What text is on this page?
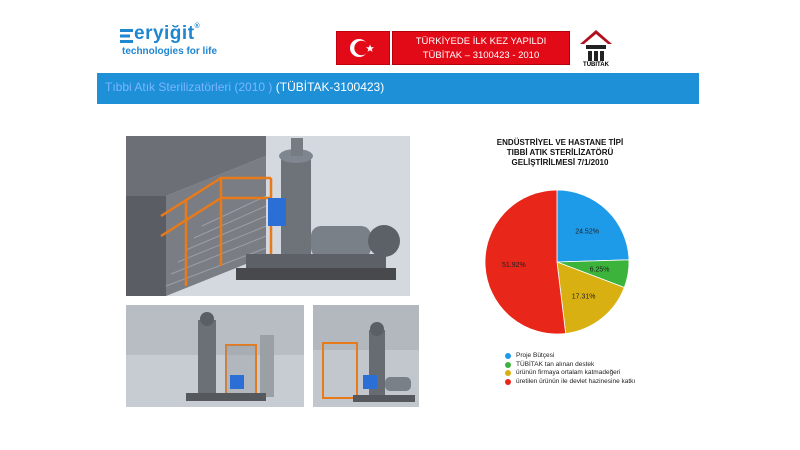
eryiğit®
technologies for life
TÜRKİYEDE İLK KEZ YAPILDI
TÜBİTAK – 3100423 - 2010
TÜBİTAK
Tıbbi Atık Sterilizatörleri (2010 ) (TÜBİTAK-3100423)
ENDÜSTRİYEL VE HASTANE TİPİ
TIBBİ ATIK STERİLİZATÖRÜ
GELİŞTİRİLMESİ 7/1/2010
24.52%
6.25%
17.31%
51.92%
Proje Bütçesi
TÜBİTAK tan alınan destek
ürünün firmaya ortalam katmadeğeri
üretilen ürünün ile devlet hazinesine katkı
